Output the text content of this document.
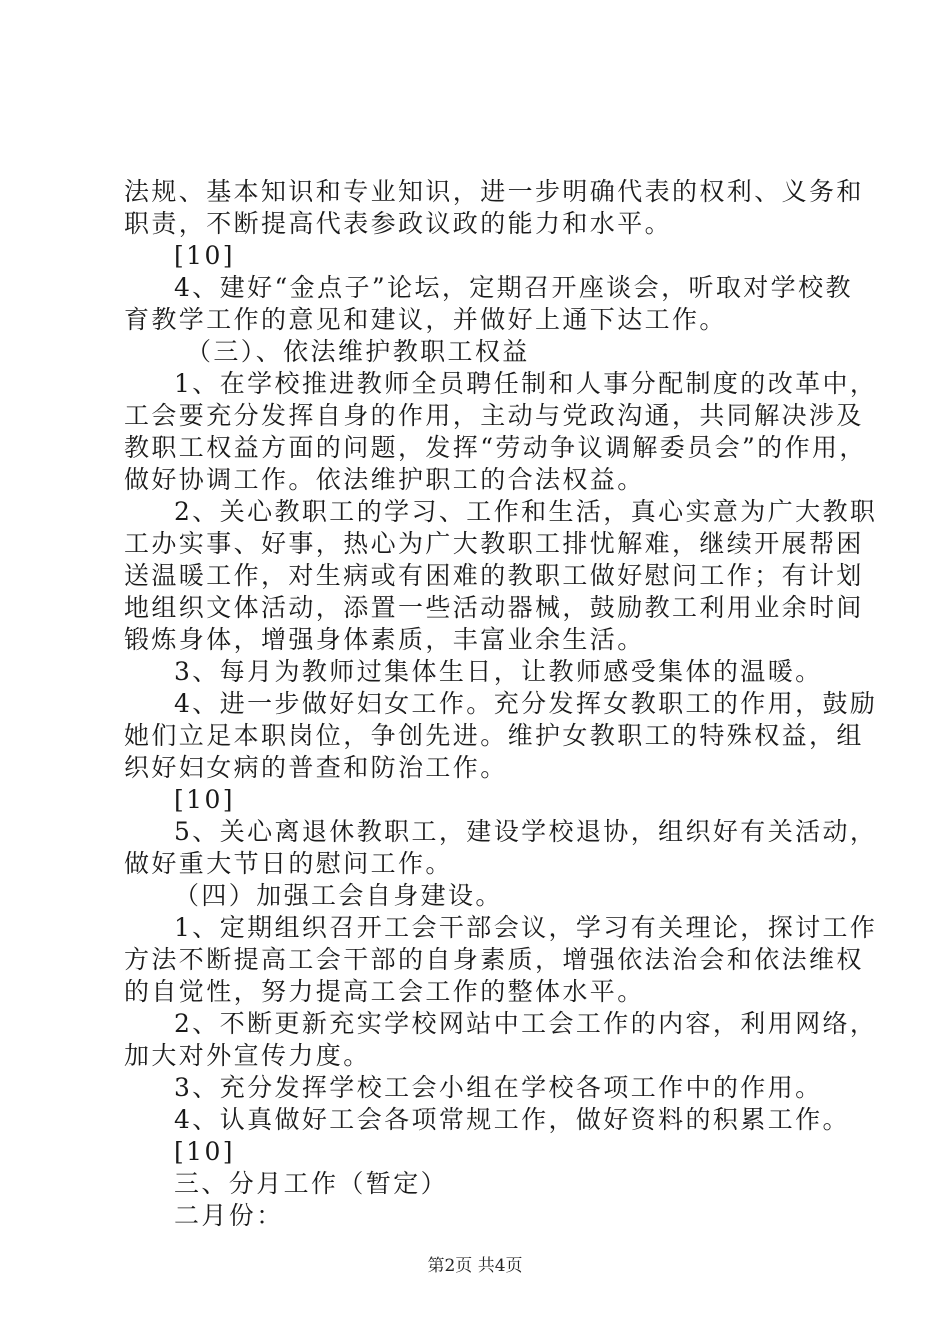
法规、基本知识和专业知识，进一步明确代表的权利、义务和
职责，不断提高代表参政议政的能力和水平。
[10]
4、建好“金点子”论坛，定期召开座谈会，听取对学校教
育教学工作的意见和建议，并做好上通下达工作。
（三）、依法维护教职工权益
1、在学校推进教师全员聘任制和人事分配制度的改革中，
工会要充分发挥自身的作用，主动与党政沟通，共同解决涉及
教职工权益方面的问题，发挥“劳动争议调解委员会”的作用，
做好协调工作。依法维护职工的合法权益。
2、关心教职工的学习、工作和生活，真心实意为广大教职
工办实事、好事，热心为广大教职工排忧解难，继续开展帮困
送温暖工作，对生病或有困难的教职工做好慰问工作；有计划
地组织文体活动，添置一些活动器械，鼓励教工利用业余时间
锻炼身体，增强身体素质，丰富业余生活。
3、每月为教师过集体生日，让教师感受集体的温暖。
4、进一步做好妇女工作。充分发挥女教职工的作用，鼓励
她们立足本职岗位，争创先进。维护女教职工的特殊权益，组
织好妇女病的普查和防治工作。
[10]
5、关心离退休教职工，建设学校退协，组织好有关活动，
做好重大节日的慰问工作。
（四）加强工会自身建设。
1、定期组织召开工会干部会议，学习有关理论，探讨工作
方法不断提高工会干部的自身素质，增强依法治会和依法维权
的自觉性，努力提高工会工作的整体水平。
2、不断更新充实学校网站中工会工作的内容，利用网络，
加大对外宣传力度。
3、充分发挥学校工会小组在学校各项工作中的作用。
4、认真做好工会各项常规工作，做好资料的积累工作。
[10]
三、分月工作（暂定）
二月份：
第2页 共4页
